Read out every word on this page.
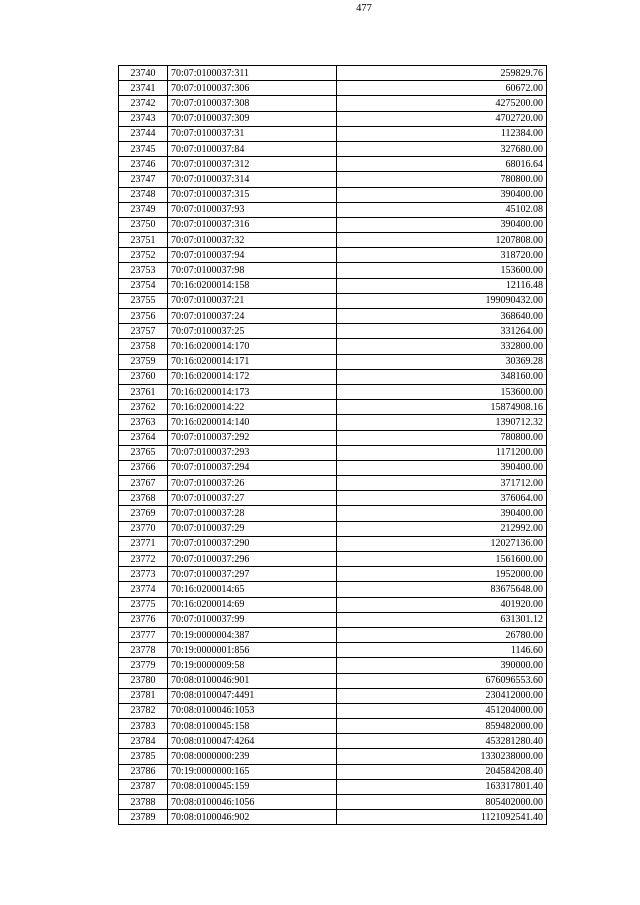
477
23740	70:07:0100037:311	259829.76
23741	70:07:0100037:306	60672.00
23742	70:07:0100037:308	4275200.00
23743	70:07:0100037:309	4702720.00
23744	70:07:0100037:31	112384.00
23745	70:07:0100037:84	327680.00
23746	70:07:0100037:312	68016.64
23747	70:07:0100037:314	780800.00
23748	70:07:0100037:315	390400.00
23749	70:07:0100037:93	45102.08
23750	70:07:0100037:316	390400.00
23751	70:07:0100037:32	1207808.00
23752	70:07:0100037:94	318720.00
23753	70:07:0100037:98	153600.00
23754	70:16:0200014:158	12116.48
23755	70:07:0100037:21	199090432.00
23756	70:07:0100037:24	368640.00
23757	70:07:0100037:25	331264.00
23758	70:16:0200014:170	332800.00
23759	70:16:0200014:171	30369.28
23760	70:16:0200014:172	348160.00
23761	70:16:0200014:173	153600.00
23762	70:16:0200014:22	15874908.16
23763	70:16:0200014:140	1390712.32
23764	70:07:0100037:292	780800.00
23765	70:07:0100037:293	1171200.00
23766	70:07:0100037:294	390400.00
23767	70:07:0100037:26	371712.00
23768	70:07:0100037:27	376064.00
23769	70:07:0100037:28	390400.00
23770	70:07:0100037:29	212992.00
23771	70:07:0100037:290	12027136.00
23772	70:07:0100037:296	1561600.00
23773	70:07:0100037:297	1952000.00
23774	70:16:0200014:65	83675648.00
23775	70:16:0200014:69	401920.00
23776	70:07:0100037:99	631301.12
23777	70:19:0000004:387	26780.00
23778	70:19:0000001:856	1146.60
23779	70:19:0000009:58	390000.00
23780	70:08:0100046:901	676096553.60
23781	70:08:0100047:4491	230412000.00
23782	70:08:0100046:1053	451204000.00
23783	70:08:0100045:158	859482000.00
23784	70:08:0100047:4264	453281280.40
23785	70:08:0000000:239	1330238000.00
23786	70:19:0000000:165	204584208.40
23787	70:08:0100045:159	163317801.40
23788	70:08:0100046:1056	805402000.00
23789	70:08:0100046:902	1121092541.40
